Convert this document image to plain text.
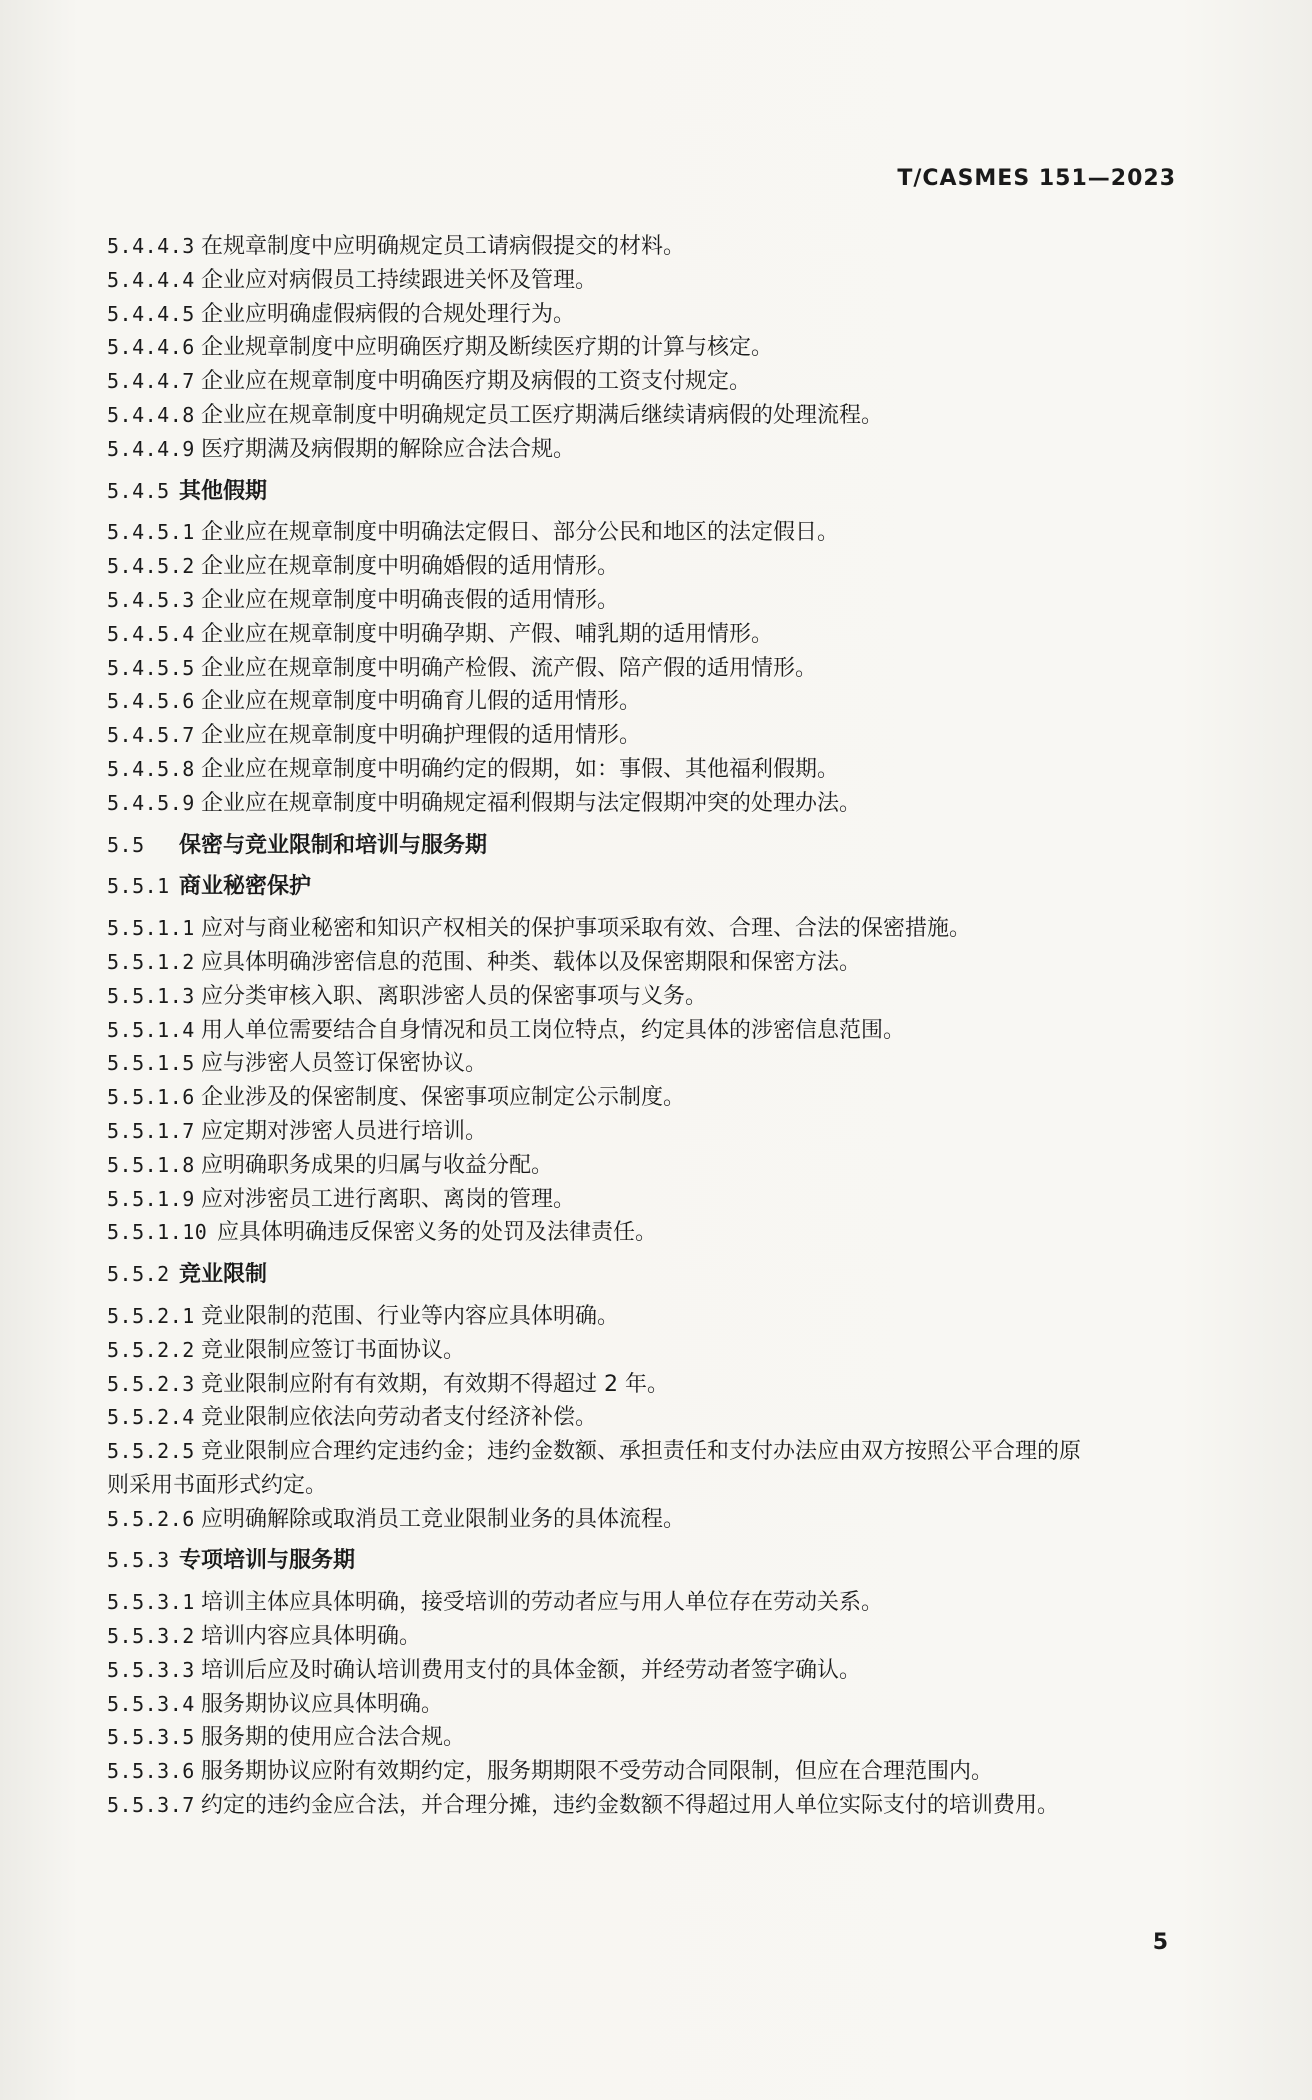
T/CASMES 151—2023
5.4.4.3 在规章制度中应明确规定员工请病假提交的材料。
5.4.4.4 企业应对病假员工持续跟进关怀及管理。
5.4.4.5 企业应明确虚假病假的合规处理行为。
5.4.4.6 企业规章制度中应明确医疗期及断续医疗期的计算与核定。
5.4.4.7 企业应在规章制度中明确医疗期及病假的工资支付规定。
5.4.4.8 企业应在规章制度中明确规定员工医疗期满后继续请病假的处理流程。
5.4.4.9 医疗期满及病假期的解除应合法合规。
5.4.5 其他假期
5.4.5.1 企业应在规章制度中明确法定假日、部分公民和地区的法定假日。
5.4.5.2 企业应在规章制度中明确婚假的适用情形。
5.4.5.3 企业应在规章制度中明确丧假的适用情形。
5.4.5.4 企业应在规章制度中明确孕期、产假、哺乳期的适用情形。
5.4.5.5 企业应在规章制度中明确产检假、流产假、陪产假的适用情形。
5.4.5.6 企业应在规章制度中明确育儿假的适用情形。
5.4.5.7 企业应在规章制度中明确护理假的适用情形。
5.4.5.8 企业应在规章制度中明确约定的假期，如：事假、其他福利假期。
5.4.5.9 企业应在规章制度中明确规定福利假期与法定假期冲突的处理办法。
5.5 保密与竞业限制和培训与服务期
5.5.1 商业秘密保护
5.5.1.1 应对与商业秘密和知识产权相关的保护事项采取有效、合理、合法的保密措施。
5.5.1.2 应具体明确涉密信息的范围、种类、载体以及保密期限和保密方法。
5.5.1.3 应分类审核入职、离职涉密人员的保密事项与义务。
5.5.1.4 用人单位需要结合自身情况和员工岗位特点，约定具体的涉密信息范围。
5.5.1.5 应与涉密人员签订保密协议。
5.5.1.6 企业涉及的保密制度、保密事项应制定公示制度。
5.5.1.7 应定期对涉密人员进行培训。
5.5.1.8 应明确职务成果的归属与收益分配。
5.5.1.9 应对涉密员工进行离职、离岗的管理。
5.5.1.10 应具体明确违反保密义务的处罚及法律责任。
5.5.2 竞业限制
5.5.2.1 竞业限制的范围、行业等内容应具体明确。
5.5.2.2 竞业限制应签订书面协议。
5.5.2.3 竞业限制应附有有效期，有效期不得超过 2 年。
5.5.2.4 竞业限制应依法向劳动者支付经济补偿。
5.5.2.5 竞业限制应合理约定违约金；违约金数额、承担责任和支付办法应由双方按照公平合理的原
则采用书面形式约定。
5.5.2.6 应明确解除或取消员工竞业限制业务的具体流程。
5.5.3 专项培训与服务期
5.5.3.1 培训主体应具体明确，接受培训的劳动者应与用人单位存在劳动关系。
5.5.3.2 培训内容应具体明确。
5.5.3.3 培训后应及时确认培训费用支付的具体金额，并经劳动者签字确认。
5.5.3.4 服务期协议应具体明确。
5.5.3.5 服务期的使用应合法合规。
5.5.3.6 服务期协议应附有效期约定，服务期期限不受劳动合同限制，但应在合理范围内。
5.5.3.7 约定的违约金应合法，并合理分摊，违约金数额不得超过用人单位实际支付的培训费用。
5
